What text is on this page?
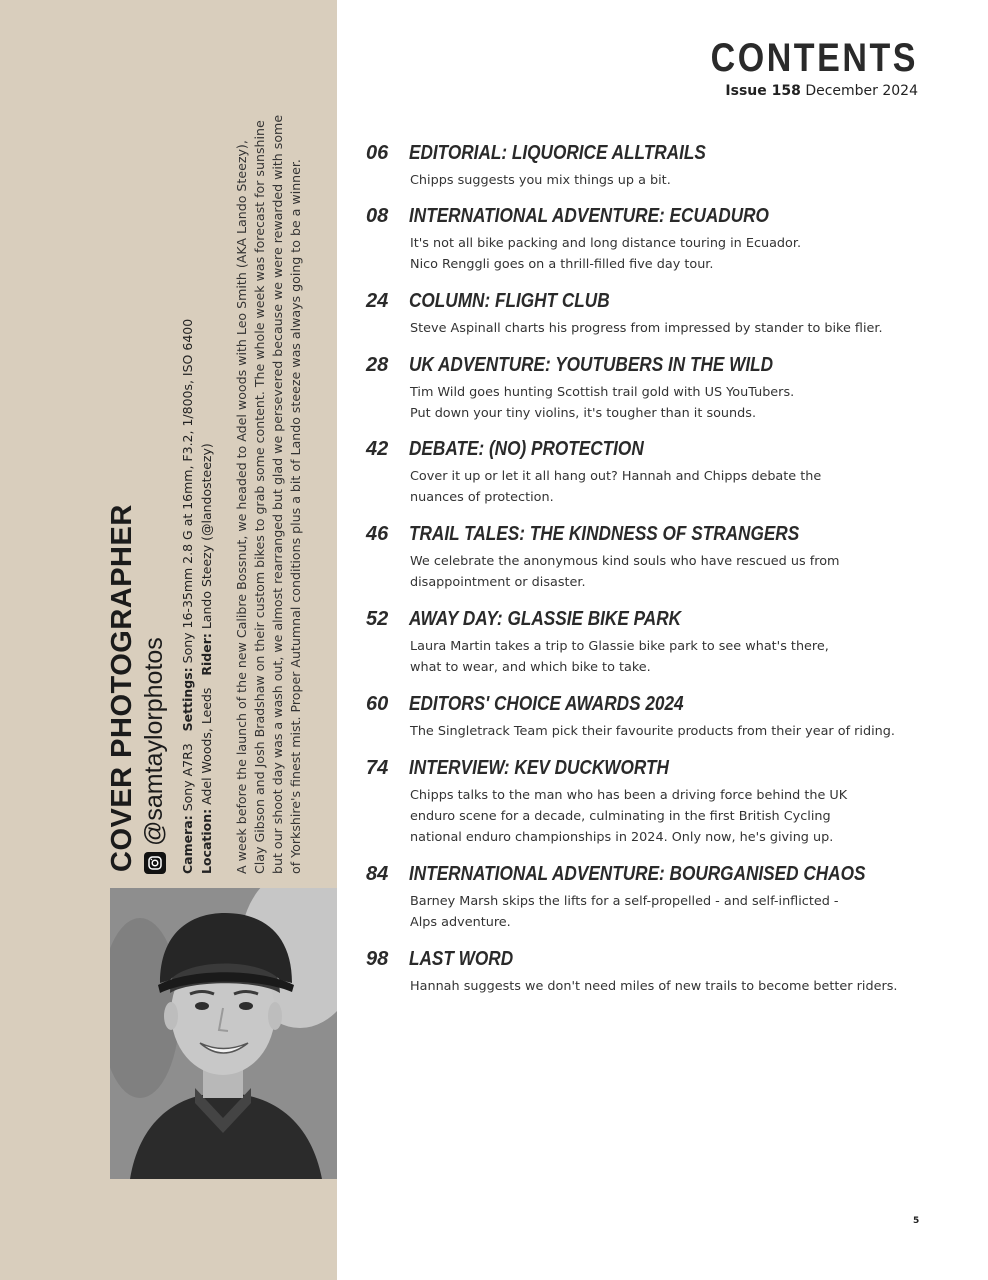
COVER PHOTOGRAPHER @samtaylorphotos Camera: Sony A7R3   Settings: Sony 16-35mm 2.8 G at 16mm, F3.2, 1/800s, ISO 6400
Location: Adel Woods, Leeds   Rider: Lando Steezy (@landosteezy) A week before the launch of the new Calibre Bossnut, we headed to Adel woods with Leo Smith (AKA Lando Steezy), Clay Gibson and Josh Bradshaw on their custom bikes to grab some content. The whole week was forecast for sunshine but our shoot day was a wash out, we almost rearranged but glad we persevered because we were rewarded with some of Yorkshire's finest mist. Proper Autumnal conditions plus a bit of Lando steeze was always going to be a winner.
CONTENTS
Issue 158 December 2024
06 EDITORIAL: LIQUORICE ALLTRAILS
Chipps suggests you mix things up a bit.
08 INTERNATIONAL ADVENTURE: ECUADURO
It's not all bike packing and long distance touring in Ecuador.
Nico Renggli goes on a thrill-filled five day tour.
24 COLUMN: FLIGHT CLUB
Steve Aspinall charts his progress from impressed by stander to bike flier.
28 UK ADVENTURE: YOUTUBERS IN THE WILD
Tim Wild goes hunting Scottish trail gold with US YouTubers.
Put down your tiny violins, it's tougher than it sounds.
42 DEBATE: (NO) PROTECTION
Cover it up or let it all hang out? Hannah and Chipps debate the
nuances of protection.
46 TRAIL TALES: THE KINDNESS OF STRANGERS
We celebrate the anonymous kind souls who have rescued us from
disappointment or disaster.
52 AWAY DAY: GLASSIE BIKE PARK
Laura Martin takes a trip to Glassie bike park to see what's there,
what to wear, and which bike to take.
60 EDITORS' CHOICE AWARDS 2024
The Singletrack Team pick their favourite products from their year of riding.
74 INTERVIEW: KEV DUCKWORTH
Chipps talks to the man who has been a driving force behind the UK
enduro scene for a decade, culminating in the first British Cycling
national enduro championships in 2024. Only now, he's giving up.
84 INTERNATIONAL ADVENTURE: BOURGANISED CHAOS
Barney Marsh skips the lifts for a self-propelled - and self-inflicted -
Alps adventure.
98 LAST WORD
Hannah suggests we don't need miles of new trails to become better riders.
5
